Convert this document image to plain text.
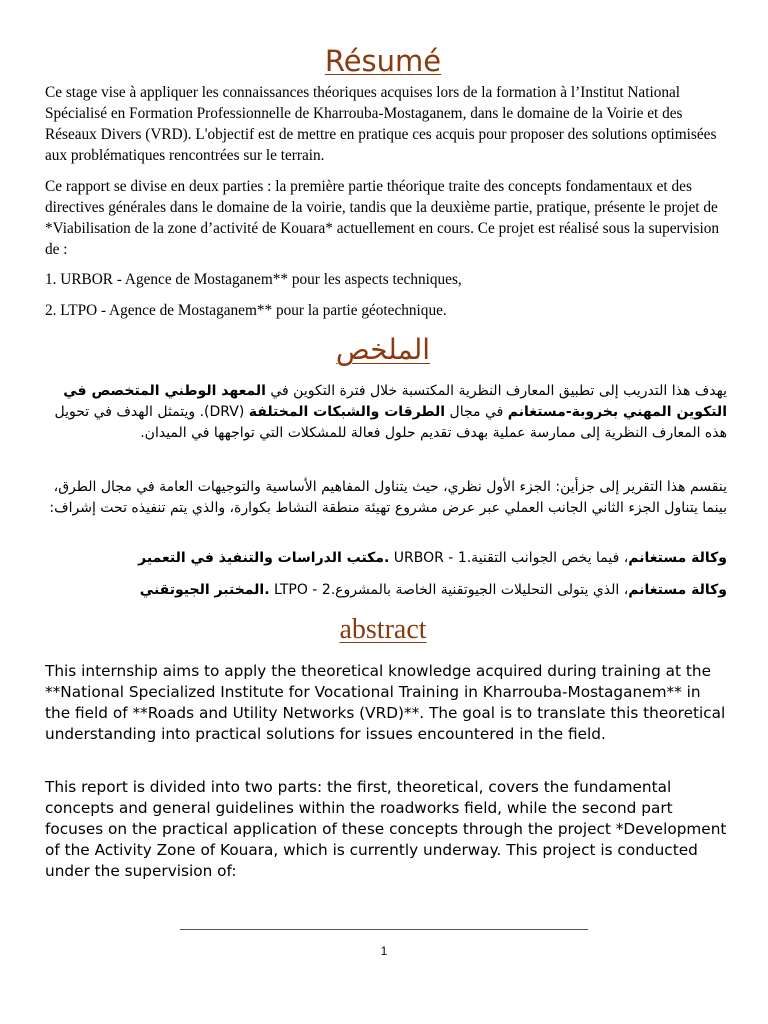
Résumé
Ce stage vise à appliquer les connaissances théoriques acquises lors de la formation à l’Institut National Spécialisé en Formation Professionnelle de Kharrouba-Mostaganem, dans le domaine de la Voirie et des Réseaux Divers (VRD). L'objectif est de mettre en pratique ces acquis pour proposer des solutions optimisées aux problématiques rencontrées sur le terrain.
Ce rapport se divise en deux parties : la première partie théorique traite des concepts fondamentaux et des directives générales dans le domaine de la voirie, tandis que la deuxième partie, pratique, présente le projet de *Viabilisation de la zone d’activité de Kouara* actuellement en cours. Ce projet est réalisé sous la supervision de :
1. URBOR - Agence de Mostaganem** pour les aspects techniques,
2. LTPO - Agence de Mostaganem** pour la partie géotechnique.
الملخص
يهدف هذا التدريب إلى تطبيق المعارف النظرية المكتسبة خلال فترة التكوين في المعهد الوطني المتخصص في التكوين المهني بخروبة-مستغانم في مجال الطرقات والشبكات المختلفة (DRV). ويتمثل الهدف في تحويل هذه المعارف النظرية إلى ممارسة عملية بهدف تقديم حلول فعالة للمشكلات التي تواجهها في الميدان.
ينقسم هذا التقرير إلى جزأين: الجزء الأول نظري، حيث يتناول المفاهيم الأساسية والتوجيهات العامة في مجال الطرق، بينما يتناول الجزء الثاني الجانب العملي عبر عرض مشروع تهيئة منطقة النشاط بكوارة، والذي يتم تنفيذه تحت إشراف:
وكالة مستغانم، فيما يخص الجوانب التقنية.1 - URBOR .مكتب الدراسات والتنفيذ في التعمير
وكالة مستغانم، الذي يتولى التحليلات الجيوتقنية الخاصة بالمشروع.2 - LTPO .المختبر الجيوتقني
abstract
This internship aims to apply the theoretical knowledge acquired during training at the **National Specialized Institute for Vocational Training in Kharrouba-Mostaganem** in the field of **Roads and Utility Networks (VRD)**. The goal is to translate this theoretical understanding into practical solutions for issues encountered in the field.
This report is divided into two parts: the first, theoretical, covers the fundamental concepts and general guidelines within the roadworks field, while the second part focuses on the practical application of these concepts through the project *Development of the Activity Zone of Kouara, which is currently underway. This project is conducted under the supervision of:
1
